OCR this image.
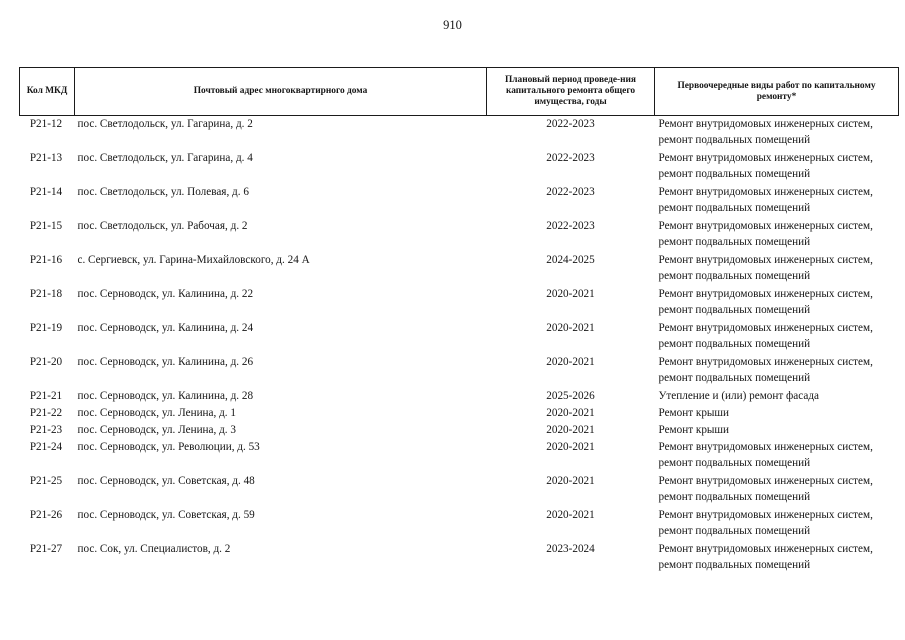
910
Кол МКД	Почтовый адрес многоквартирного дома	Плановый период проведе-ния капитального ремонта общего имущества, годы	Первоочередные виды работ по капитальному ремонту*
Р21-12	пос. Светлодольск, ул. Гагарина, д. 2	2022-2023	Ремонт внутридомовых инженерных систем,
ремонт подвальных помещений

Р21-13	пос. Светлодольск, ул. Гагарина, д. 4	2022-2023	Ремонт внутридомовых инженерных систем,
ремонт подвальных помещений

Р21-14	пос. Светлодольск, ул. Полевая, д. 6	2022-2023	Ремонт внутридомовых инженерных систем,
ремонт подвальных помещений

Р21-15	пос. Светлодольск, ул. Рабочая, д. 2	2022-2023	Ремонт внутридомовых инженерных систем,
ремонт подвальных помещений

Р21-16	с. Сергиевск, ул. Гарина-Михайловского, д. 24 А	2024-2025	Ремонт внутридомовых инженерных систем,
ремонт подвальных помещений

Р21-18	пос. Серноводск, ул. Калинина, д. 22	2020-2021	Ремонт внутридомовых инженерных систем,
ремонт подвальных помещений

Р21-19	пос. Серноводск, ул. Калинина, д. 24	2020-2021	Ремонт внутридомовых инженерных систем,
ремонт подвальных помещений

Р21-20	пос. Серноводск, ул. Калинина, д. 26	2020-2021	Ремонт внутридомовых инженерных систем,
ремонт подвальных помещений

Р21-21	пос. Серноводск, ул. Калинина, д. 28	2025-2026	Утепление и (или) ремонт фасада

Р21-22	пос. Серноводск, ул. Ленина, д. 1	2020-2021	Ремонт крыши

Р21-23	пос. Серноводск, ул. Ленина, д. 3	2020-2021	Ремонт крыши

Р21-24	пос. Серноводск, ул. Революции, д. 53	2020-2021	Ремонт внутридомовых инженерных систем,
ремонт подвальных помещений

Р21-25	пос. Серноводск, ул. Советская, д. 48	2020-2021	Ремонт внутридомовых инженерных систем,
ремонт подвальных помещений

Р21-26	пос. Серноводск, ул. Советская, д. 59	2020-2021	Ремонт внутридомовых инженерных систем,
ремонт подвальных помещений

Р21-27	пос. Сок, ул. Специалистов, д. 2	2023-2024	Ремонт внутридомовых инженерных систем,
ремонт подвальных помещений
